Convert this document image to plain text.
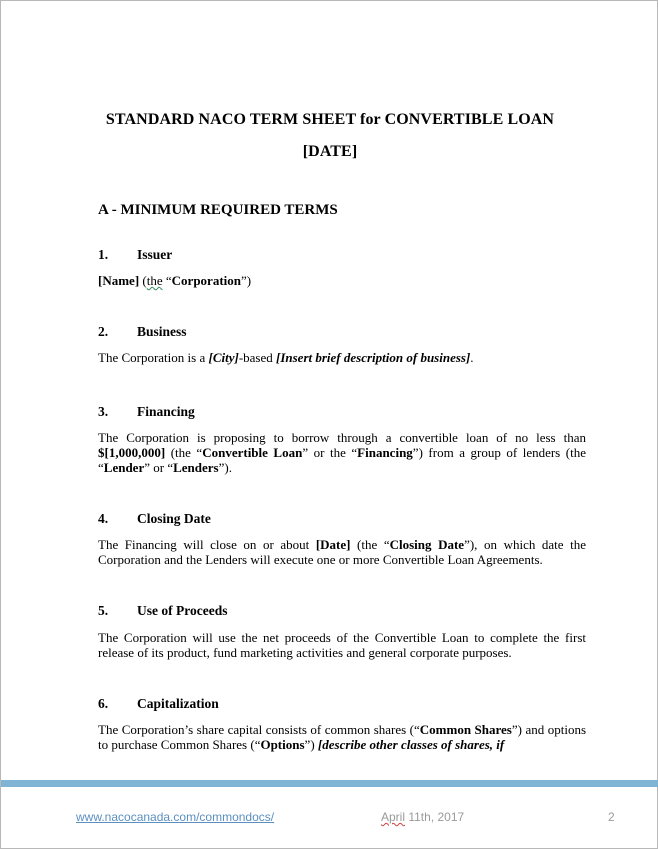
STANDARD NACO TERM SHEET for CONVERTIBLE LOAN
[DATE]
A - MINIMUM REQUIRED TERMS
1. Issuer
[Name] (the “Corporation”)
2. Business
The Corporation is a [City]-based [Insert brief description of business].
3. Financing
The Corporation is proposing to borrow through a convertible loan of no less than $[1,000,000] (the “Convertible Loan” or the “Financing”) from a group of lenders (the “Lender” or “Lenders”).
4. Closing Date
The Financing will close on or about [Date] (the “Closing Date”), on which date the Corporation and the Lenders will execute one or more Convertible Loan Agreements.
5. Use of Proceeds
The Corporation will use the net proceeds of the Convertible Loan to complete the first release of its product, fund marketing activities and general corporate purposes.
6. Capitalization
The Corporation’s share capital consists of common shares (“Common Shares”) and options to purchase Common Shares (“Options”) [describe other classes of shares, if
www.nacocanada.com/commondocs/	April 11th, 2017	2
